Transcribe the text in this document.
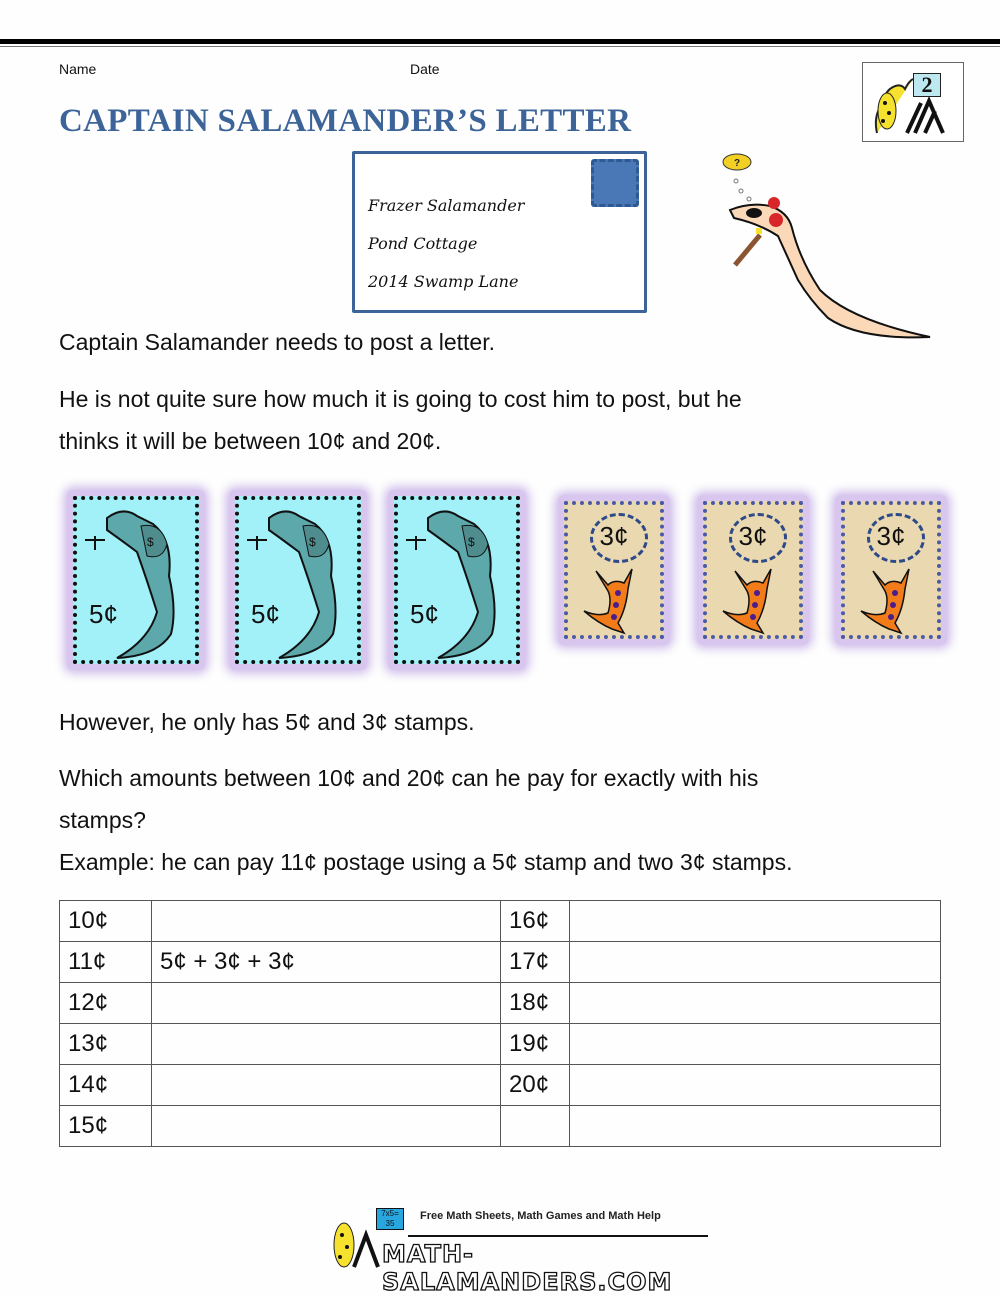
Name	Date
CAPTAIN SALAMANDER’S LETTER
2
Frazer Salamander
Pond Cottage
2014 Swamp Lane
?

Captain Salamander needs to post a letter.

He is not quite sure how much it is going to cost him to post, but he

thinks it will be between 10¢ and 20¢.

$
5¢
$
5¢
$
5¢
3¢	3¢	3¢

However, he only has 5¢ and 3¢ stamps.

Which amounts between 10¢ and 20¢ can he pay for exactly with his

stamps?

Example: he can pay 11¢ postage using a 5¢ stamp and two 3¢ stamps.

10¢		16¢	
11¢	5¢ + 3¢ + 3¢	17¢	
12¢		18¢	
13¢		19¢	
14¢		20¢	
15¢			
7x5= 35
Free Math Sheets, Math Games and Math Help
MATH-SALAMANDERS.COM
